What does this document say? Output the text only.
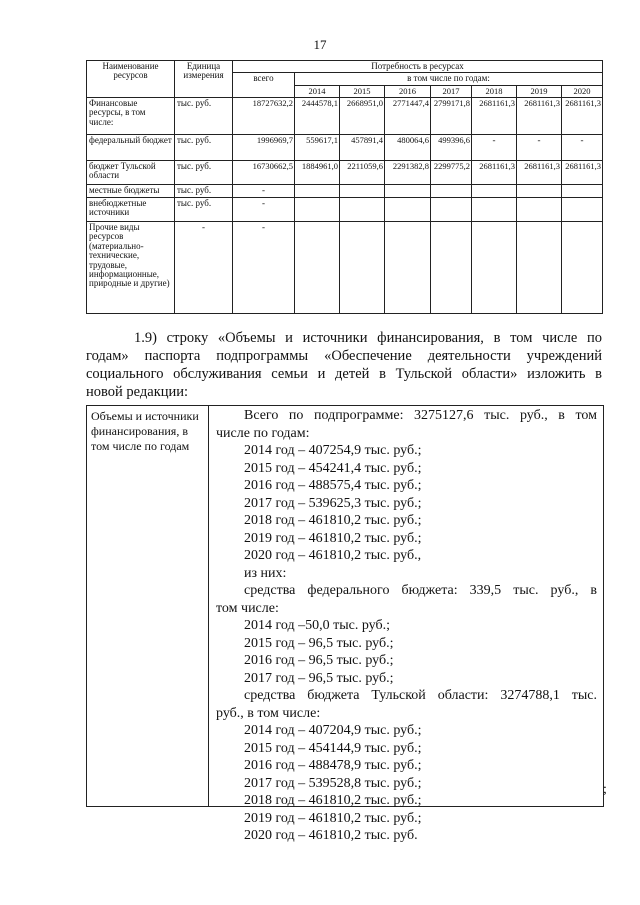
17
Наименование ресурсов	Единица измерения	Потребность в ресурсах							
		всего	в том числе по годам:						
			2014	2015	2016	2017	2018	2019	2020
Финансовые ресурсы, в том числе:	тыс. руб.	18727632,2	2444578,1	2668951,0	2771447,4	2799171,8	2681161,3	2681161,3	2681161,3
федеральный бюджет	тыс. руб.	1996969,7	559617,1	457891,4	480064,6	499396,6	-	-	-
бюджет Тульской области	тыс. руб.	16730662,5	1884961,0	2211059,6	2291382,8	2299775,2	2681161,3	2681161,3	2681161,3
местные бюджеты	тыс. руб.	-							
внебюджетные источники	тыс. руб.	-							
Прочие виды ресурсов (материально-технические, трудовые, информационные, природные и другие)	-	-							
1.9) строку «Объемы и источники финансирования, в том числе по
годам» паспорта подпрограммы «Обеспечение деятельности учреждений
социального обслуживания семьи и детей в Тульской области» изложить в
новой редакции:
Объемы и источники финансирования, в том числе по годам
Всего по подпрограмме: 3275127,6 тыс. руб., в том
числе по годам:
2014 год – 407254,9 тыс. руб.;
2015 год – 454241,4 тыс. руб.;
2016 год – 488575,4 тыс. руб.;
2017 год – 539625,3 тыс. руб.;
2018 год – 461810,2 тыс. руб.;
2019 год – 461810,2 тыс. руб.;
2020 год – 461810,2 тыс. руб.,
из них:
средства федерального бюджета: 339,5 тыс. руб., в
том числе:
2014 год –50,0 тыс. руб.;
2015 год – 96,5 тыс. руб.;
2016 год – 96,5 тыс. руб.;
2017 год – 96,5 тыс. руб.;
средства бюджета Тульской области: 3274788,1 тыс.
руб., в том числе:
2014 год – 407204,9 тыс. руб.;
2015 год – 454144,9 тыс. руб.;
2016 год – 488478,9 тыс. руб.;
2017 год – 539528,8 тыс. руб.;
2018 год – 461810,2 тыс. руб.;
2019 год – 461810,2 тыс. руб.;
2020 год – 461810,2 тыс. руб.
;
